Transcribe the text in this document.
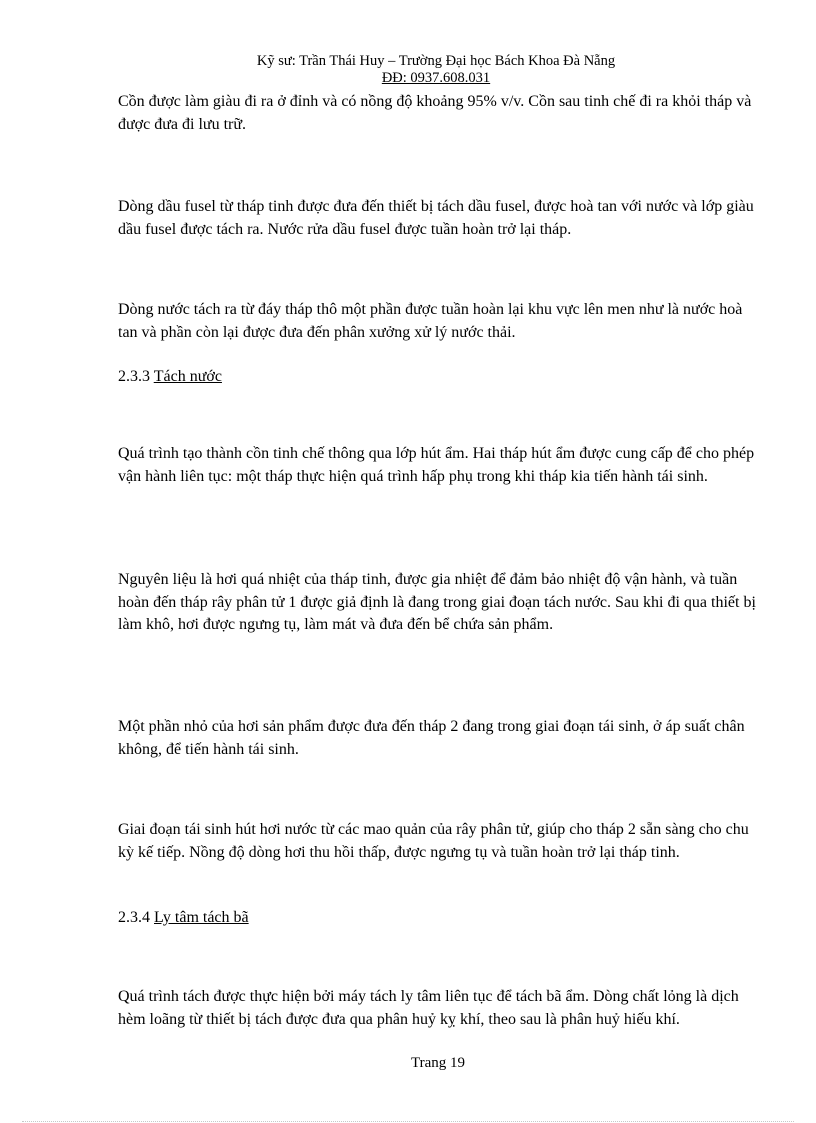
Kỹ sư: Trần Thái Huy – Trường Đại học Bách Khoa Đà Nẵng
ĐĐ: 0937.608.031
Cồn được làm giàu đi ra ở đỉnh và có nồng độ khoảng 95% v/v. Cồn sau tinh chế đi ra khỏi tháp và được đưa đi lưu trữ.
Dòng dầu fusel từ tháp tinh được đưa đến thiết bị tách dầu fusel, được hoà tan với nước và lớp giàu dầu fusel được tách ra. Nước rửa dầu fusel được tuần hoàn trở lại tháp.
Dòng nước tách ra từ đáy tháp thô một phần được tuần hoàn lại khu vực lên men như là nước hoà tan và phần còn lại được đưa đến phân xưởng xử lý nước thải.
2.3.3 Tách nước
Quá trình tạo thành cồn tinh chế thông qua lớp hút ẩm. Hai tháp hút ẩm được cung cấp để cho phép vận hành liên tục: một tháp thực hiện quá trình hấp phụ trong khi tháp kia tiến hành tái sinh.
Nguyên liệu là hơi quá nhiệt của tháp tinh, được gia nhiệt để đảm bảo nhiệt độ vận hành, và tuần hoàn đến tháp rây phân tử 1 được giả định là đang trong giai đoạn tách nước. Sau khi đi qua thiết bị làm khô, hơi được ngưng tụ, làm mát và đưa đến bể chứa sản phẩm.
Một phần nhỏ của hơi sản phẩm được đưa đến tháp 2 đang trong giai đoạn tái sinh, ở áp suất chân không, để tiến hành tái sinh.
Giai đoạn tái sinh hút hơi nước từ các mao quản của rây phân tử, giúp cho tháp 2 sẵn sàng cho chu kỳ kế tiếp. Nồng độ dòng hơi thu hồi thấp, được ngưng tụ và tuần hoàn trở lại tháp tinh.
2.3.4 Ly tâm tách bã
Quá trình tách được thực hiện bởi máy tách ly tâm liên tục để tách bã ẩm. Dòng chất lỏng là dịch hèm loãng từ thiết bị tách được đưa qua phân huỷ kỵ khí, theo sau là phân huỷ hiếu khí.
Trang 19
